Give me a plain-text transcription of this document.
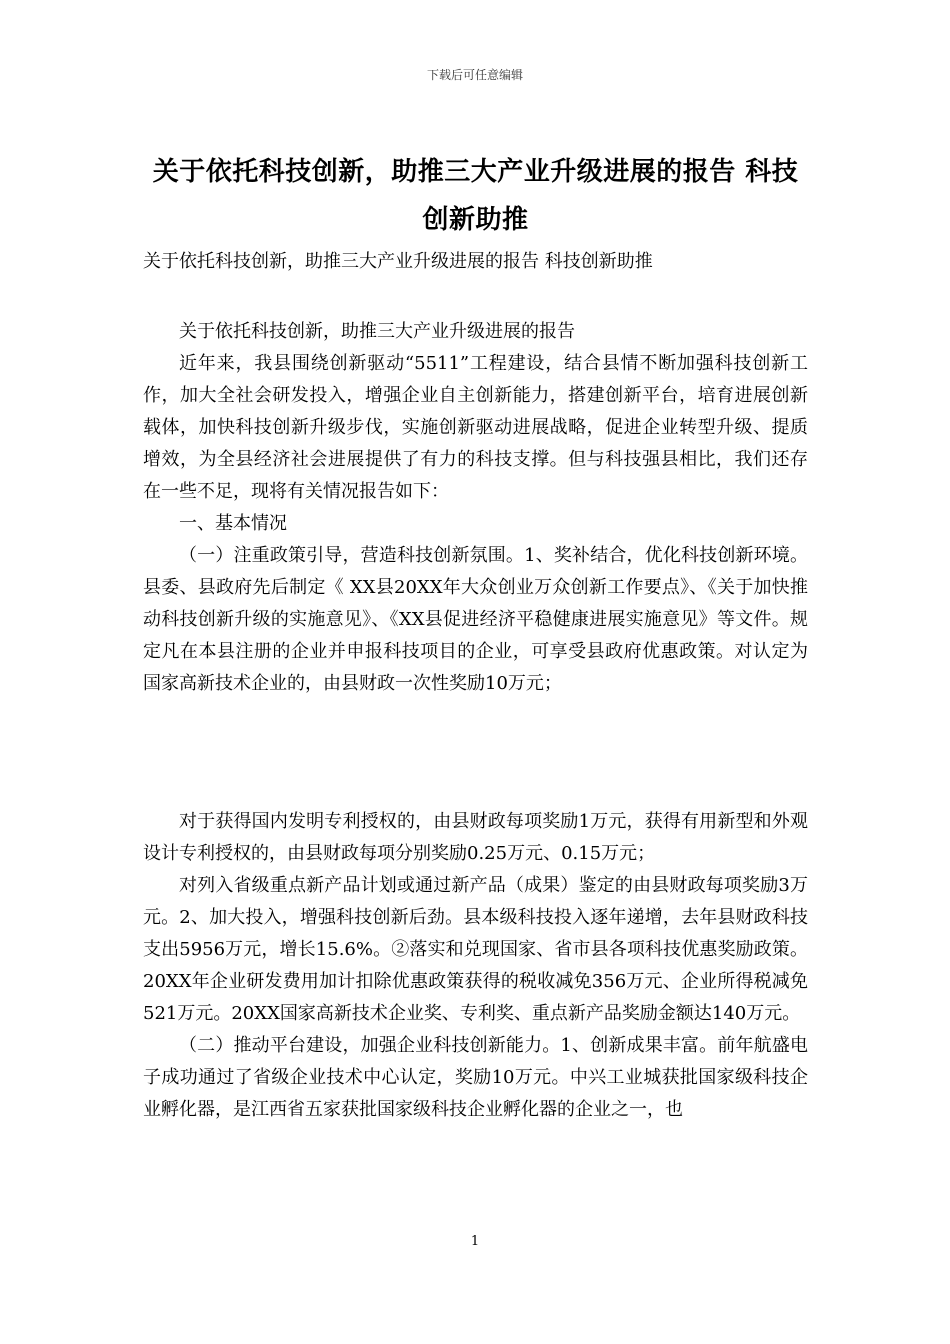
下载后可任意编辑
关于依托科技创新，助推三大产业升级进展的报告 科技创新助推
关于依托科技创新，助推三大产业升级进展的报告 科技创新助推

关于依托科技创新，助推三大产业升级进展的报告

近年来，我县围绕创新驱动“5511”工程建设，结合县情不断加强科技创新工作，加大全社会研发投入，增强企业自主创新能力，搭建创新平台，培育进展创新载体，加快科技创新升级步伐，实施创新驱动进展战略，促进企业转型升级、提质增效，为全县经济社会进展提供了有力的科技支撑。但与科技强县相比，我们还存在一些不足，现将有关情况报告如下：

一、基本情况

（一）注重政策引导，营造科技创新氛围。1、奖补结合，优化科技创新环境。县委、县政府先后制定《 XX县20XX年大众创业万众创新工作要点》、《关于加快推动科技创新升级的实施意见》、《XX县促进经济平稳健康进展实施意见》等文件。规定凡在本县注册的企业并申报科技项目的企业，可享受县政府优惠政策。对认定为国家高新技术企业的，由县财政一次性奖励10万元；

对于获得国内发明专利授权的，由县财政每项奖励1万元，获得有用新型和外观设计专利授权的，由县财政每项分别奖励0.25万元、0.15万元；

对列入省级重点新产品计划或通过新产品（成果）鉴定的由县财政每项奖励3万元。2、加大投入，增强科技创新后劲。县本级科技投入逐年递增，去年县财政科技支出5956万元，增长15.6%。②落实和兑现国家、省市县各项科技优惠奖励政策。20XX年企业研发费用加计扣除优惠政策获得的税收减免356万元、企业所得税减免521万元。20XX国家高新技术企业奖、专利奖、重点新产品奖励金额达140万元。

（二）推动平台建设，加强企业科技创新能力。1、创新成果丰富。前年航盛电子成功通过了省级企业技术中心认定，奖励10万元。中兴工业城获批国家级科技企业孵化器，是江西省五家获批国家级科技企业孵化器的企业之一，也

1
